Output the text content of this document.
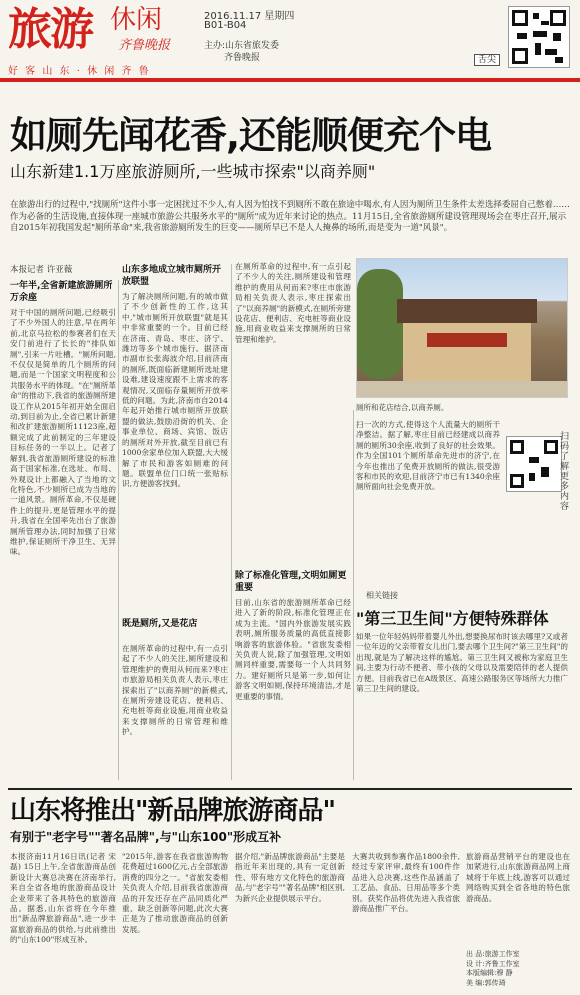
旅游 休闲
齐鲁晚报
2016.11.17 星期四
B01-B04
主办:山东省旅发委
齐鲁晚报
好 客 山 东 · 休 闲 齐 鲁
舌尖
如厕先闻花香,还能顺便充个电
山东新建1.1万座旅游厕所,一些城市探索"以商养厕"
在旅游出行的过程中,"找厕所"这件小事一定困扰过不少人,有人因为怕找不到厕所不敢在旅途中喝水,有人因为厕所卫生条件太差选择委屈自己憋着……作为必备的生活设施,直接体现一座城市旅游公共服务水平的"厕所"成为近年来讨论的热点。11月15日,全省旅游厕所建设管理现场会在枣庄召开,展示自2015年初我国发起"厕所革命"来,我省旅游厕所发生的巨变——厕所早已不是人人掩鼻的场所,而是变为一道"风景"。
本报记者 许亚薇
一年半,全省新建旅游厕所万余座
对于中国的厕所问题,已经吸引了不少外国人的注意,早在两年前,北京马拉松的参赛者们在天安门前进行了长长的"排队如厕",引来一片吐槽。"厕所问题,不仅仅是简单的几个厕所的问题,而是一个国家文明程度和公共服务水平的体现。"在"厕所革命"的推动下,我省的旅游厕所建设工作从2015年初开始全面启动,到目前为止,全省已累计新建和改扩建旅游厕所11123座,超额完成了此前制定的三年建设目标任务的一半以上。记者了解到,我省旅游厕所建设的标准高于国家标准,在选址、布局、外观设计上都融入了当地的文化特色,不少厕所已成为当地的一道风景。厕所革命,不仅是硬件上的提升,更是管理水平的提升,我省在全国率先出台了旅游厕所管理办法,同时加强了日常维护,保证厕所干净卫生、无异味。
山东多地成立城市厕所开放联盟
为了解决厕所问题,有的城市做了不少创新性的工作,这其中,"城市厕所开放联盟"就是其中非常重要的一个。目前已经在济南、青岛、枣庄、济宁、潍坊等多个城市施行。据济南市副市长张海波介绍,目前济南的厕所,既面临新建厕所选址建设难,建设速度跟不上需求的客观情况,又面临存量厕所开放率低的问题。为此,济南市自2014年起开始推行城市厕所开放联盟的做法,鼓励沿街的机关、企事业单位、商场、宾馆、饭店的厕所对外开放,截至目前已有1000余家单位加入联盟,大大缓解了市民和游客如厕难的问题。联盟单位门口统一张贴标识,方便游客找到。
既是厕所,又是花店
在厕所革命的过程中,有一点引起了不少人的关注,厕所建设和管理维护的费用从何而来?枣庄市旅游局相关负责人表示,枣庄探索出了"以商养厕"的新模式,在厕所旁建设花店、便利店、充电桩等商业设施,用商业收益来支撑厕所的日常管理和维护。
在厕所革命的过程中,有一点引起了不少人的关注,厕所建设和管理维护的费用从何而来?枣庄市旅游局相关负责人表示,枣庄探索出了"以商养厕"的新模式,在厕所旁建设花店、便利店、充电桩等商业设施,用商业收益来支撑厕所的日常管理和维护。
除了标准化管理,文明如厕更重要
目前,山东省的旅游厕所革命已经进入了新的阶段,标准化管理正在成为主流。"国内外旅游发展实践表明,厕所服务质量的高低直接影响游客的旅游体验。"省旅发委相关负责人说,除了加强管理,文明如厕同样重要,需要每一个人共同努力。建好厕所只是第一步,如何让游客文明如厕,保持环境清洁,才是更重要的事情。
厕所和花店结合,以商养厕。
扫一次的方式,使得这个人流量大的厕所干净整洁。据了解,枣庄目前已经建成以商养厕的厕所30余座,收到了良好的社会效果。作为全国101个厕所革命先进市的济宁,在今年也推出了免费开放厕所的做法,很受游客和市民的欢迎,目前济宁市已有1340余座厕所面向社会免费开放。
扫码了解更多内容
相关链接
"第三卫生间"方便特殊群体
如果一位年轻妈妈带着婴儿外出,想要换尿布时该去哪里?又或者一位年迈的父亲带着女儿出门,要去哪个卫生间?"第三卫生间"的出现,就是为了解决这样的尴尬。第三卫生间又被称为家庭卫生间,主要为行动不便者、带小孩的父母以及需要陪伴的老人提供方便。目前我省已在A级景区、高速公路服务区等场所大力推广第三卫生间的建设。
山东将推出"新品牌旅游商品"
有别于"老字号""著名品牌",与"山东100"形成互补
本报济南11月16日讯(记者 宋磊) 15日上午,全省旅游商品创新设计大赛总决赛在济南举行,来自全省各地的旅游商品设计企业带来了各具特色的旅游商品。据悉,山东省将在今年推出"新品牌旅游商品",进一步丰富旅游商品的供给,与此前推出的"山东100"形成互补。
"2015年,游客在我省旅游购物花费超过1600亿元,占全部旅游消费的四分之一。"省旅发委相关负责人介绍,目前我省旅游商品的开发还存在产品同质化严重、缺乏创新等问题,此次大赛正是为了推动旅游商品的创新发展。
据介绍,"新品牌旅游商品"主要是指近年来出现的,具有一定创新性、带有地方文化特色的旅游商品,与"老字号""著名品牌"相区别,为新兴企业提供展示平台。
大赛共收到参赛作品1800余件,经过专家评审,最终有100件作品进入总决赛,这些作品涵盖了工艺品、食品、日用品等多个类别。获奖作品将优先进入我省旅游商品推广平台。
旅游商品营销平台的建设也在加紧进行,山东旅游商品网上商城将于年底上线,游客可以通过网络购买到全省各地的特色旅游商品。
出 品:旅游工作室
设 计:齐鲁工作室
本版编辑:穆 静
美 编:郭传琦
